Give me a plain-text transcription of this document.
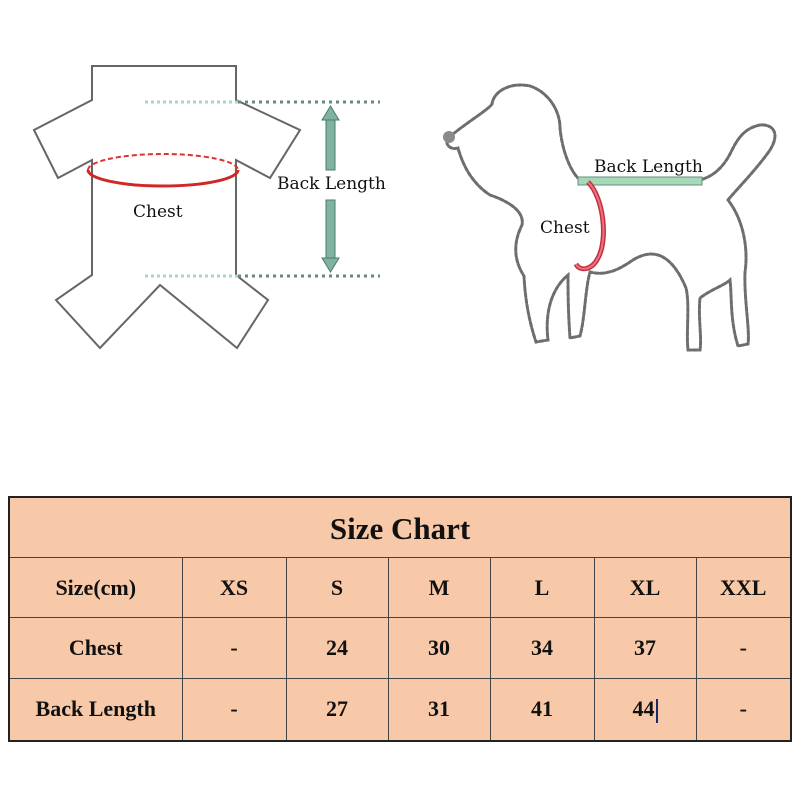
Chest
Back Length
Back Length
Chest
Size Chart
Size(cm)	XS	S	M	L	XL	XXL
Chest	-	24	30	34	37	-
Back Length	-	27	31	41	44	-
